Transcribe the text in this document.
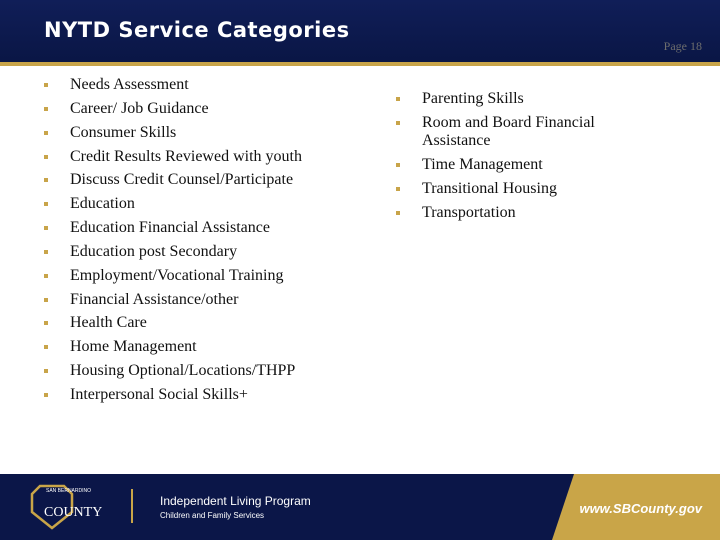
NYTD Service Categories
Page 18
Needs Assessment
Career/ Job Guidance
Consumer Skills
Credit Results Reviewed with youth
Discuss Credit Counsel/Participate
Education
Education Financial Assistance
Education post Secondary
Employment/Vocational Training
Financial Assistance/other
Health Care
Home Management
Housing Optional/Locations/THPP
Interpersonal Social Skills+
Parenting Skills
Room and Board Financial Assistance
Time Management
Transitional Housing
Transportation
SAN BERNARDINO
COUNTY
Independent Living Program
Children and Family Services	www.SBCounty.gov
